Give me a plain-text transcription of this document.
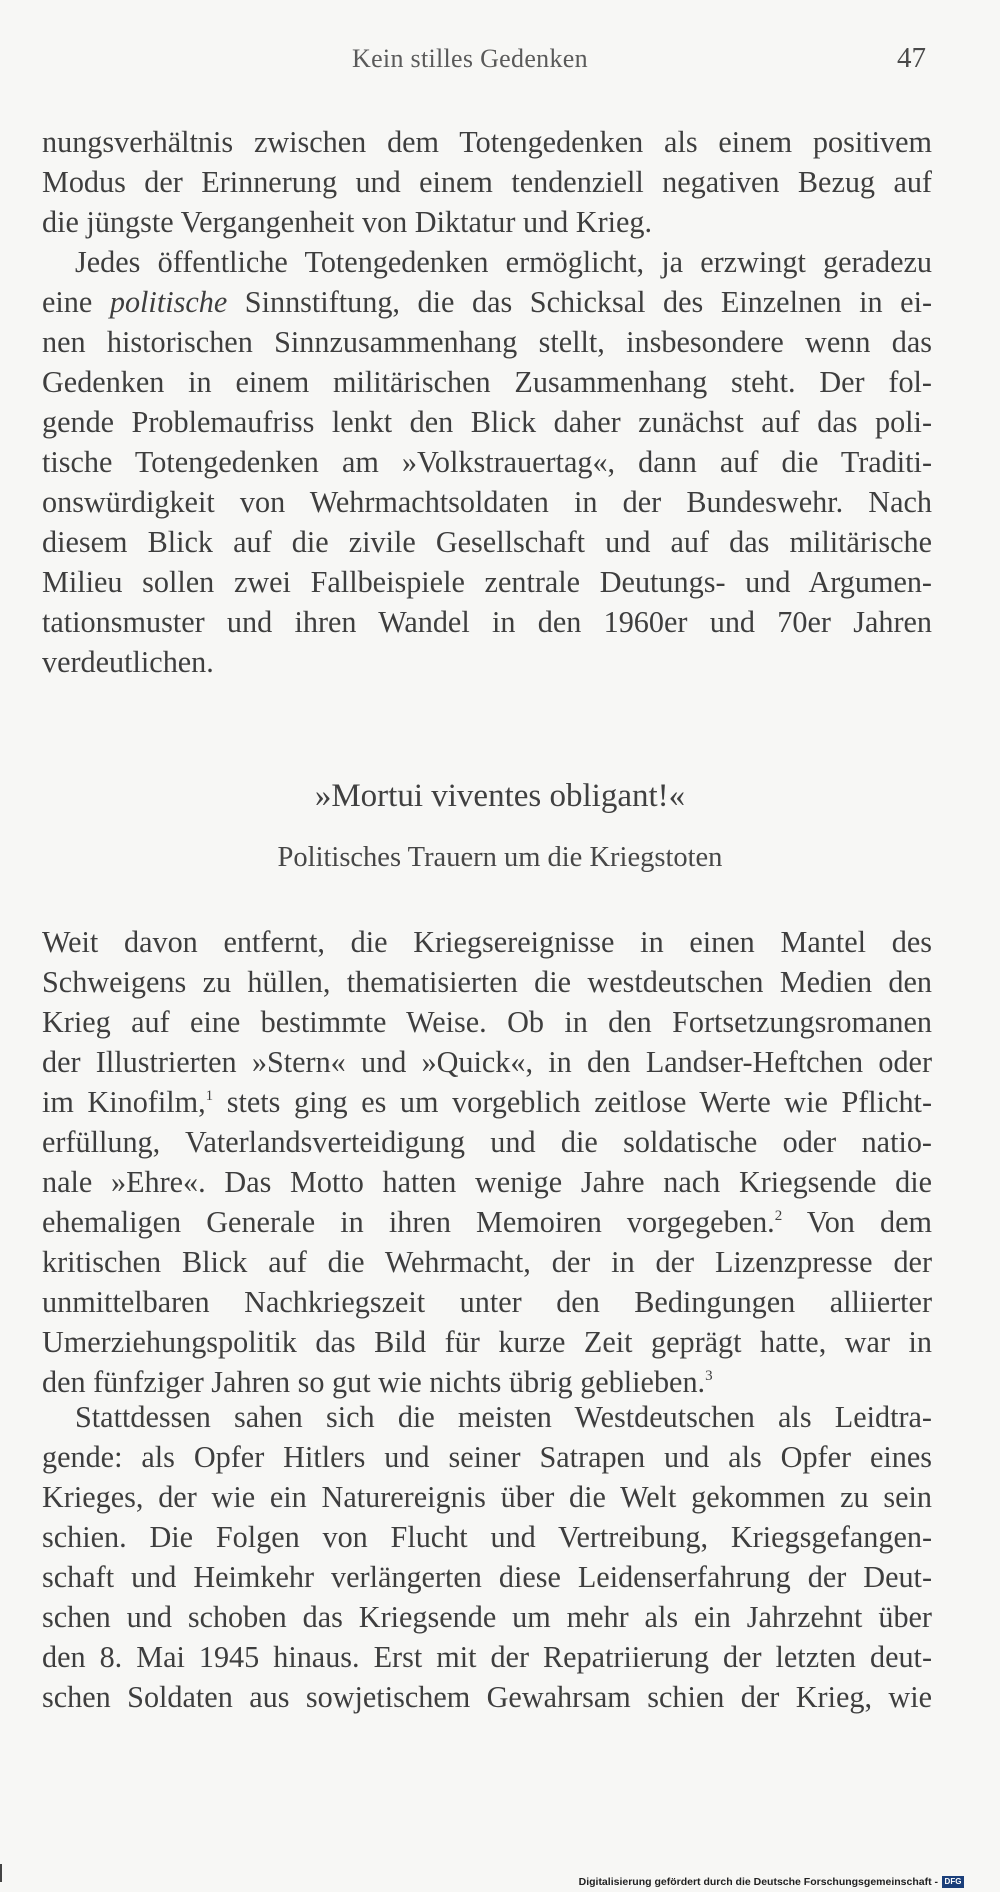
Kein stilles Gedenken	47
nungsverhältnis zwischen dem Totengedenken als einem positivem
Modus der Erinnerung und einem tendenziell negativen Bezug auf
die jüngste Vergangenheit von Diktatur und Krieg.
Jedes öffentliche Totengedenken ermöglicht, ja erzwingt geradezu
eine politische Sinnstiftung, die das Schicksal des Einzelnen in ei-
nen historischen Sinnzusammenhang stellt, insbesondere wenn das
Gedenken in einem militärischen Zusammenhang steht. Der fol-
gende Problemaufriss lenkt den Blick daher zunächst auf das poli-
tische Totengedenken am »Volkstrauertag«, dann auf die Traditi-
onswürdigkeit von Wehrmachtsoldaten in der Bundeswehr. Nach
diesem Blick auf die zivile Gesellschaft und auf das militärische
Milieu sollen zwei Fallbeispiele zentrale Deutungs- und Argumen-
tationsmuster und ihren Wandel in den 1960er und 70er Jahren
verdeutlichen.
»Mortui viventes obligant!«
Politisches Trauern um die Kriegstoten
Weit davon entfernt, die Kriegsereignisse in einen Mantel des
Schweigens zu hüllen, thematisierten die westdeutschen Medien den
Krieg auf eine bestimmte Weise. Ob in den Fortsetzungsromanen
der Illustrierten »Stern« und »Quick«, in den Landser-Heftchen oder
im Kinofilm,$^1$ stets ging es um vorgeblich zeitlose Werte wie Pflicht-
erfüllung, Vaterlandsverteidigung und die soldatische oder natio-
nale »Ehre«. Das Motto hatten wenige Jahre nach Kriegsende die
ehemaligen Generale in ihren Memoiren vorgegeben.$^2$ Von dem
kritischen Blick auf die Wehrmacht, der in der Lizenzpresse der
unmittelbaren Nachkriegszeit unter den Bedingungen alliierter
Umerziehungspolitik das Bild für kurze Zeit geprägt hatte, war in
den fünfziger Jahren so gut wie nichts übrig geblieben.$^3$
Stattdessen sahen sich die meisten Westdeutschen als Leidtra-
gende: als Opfer Hitlers und seiner Satrapen und als Opfer eines
Krieges, der wie ein Naturereignis über die Welt gekommen zu sein
schien. Die Folgen von Flucht und Vertreibung, Kriegsgefangen-
schaft und Heimkehr verlängerten diese Leidenserfahrung der Deut-
schen und schoben das Kriegsende um mehr als ein Jahrzehnt über
den 8. Mai 1945 hinaus. Erst mit der Repatriierung der letzten deut-
schen Soldaten aus sowjetischem Gewahrsam schien der Krieg, wie
Digitalisierung gefördert durch die Deutsche Forschungsgemeinschaft - DFG
